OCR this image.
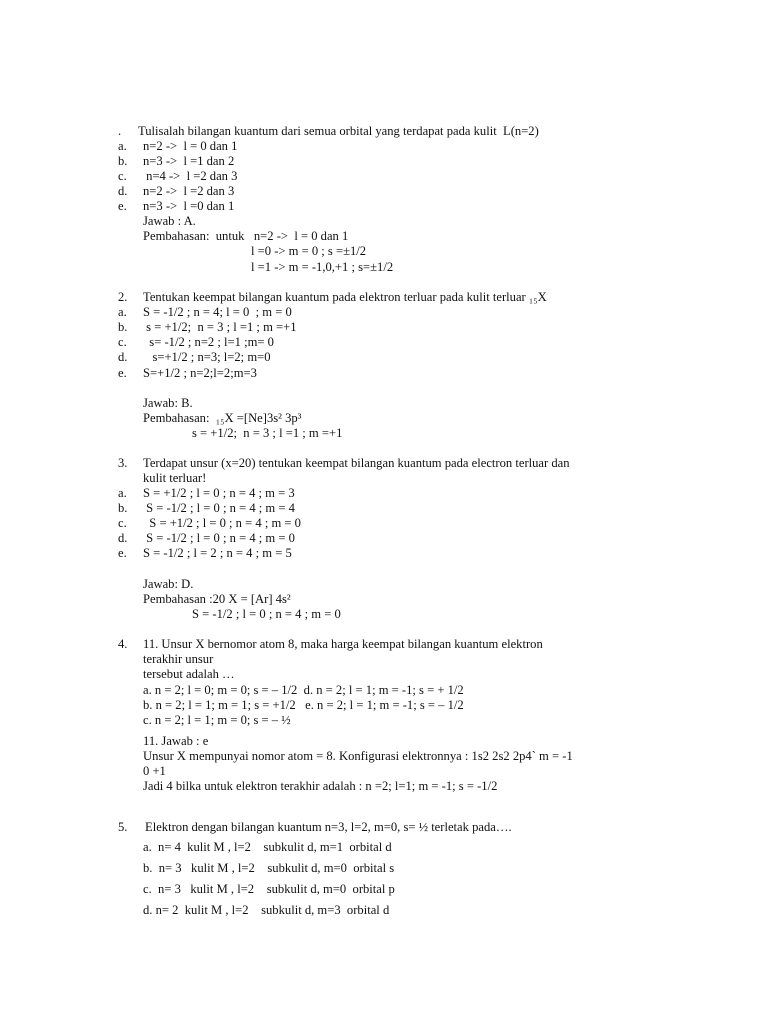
. Tulisalah bilangan kuantum dari semua orbital yang terdapat pada kulit  L(n=2)
a. n=2 ->  l = 0 dan 1
b. n=3 ->  l =1 dan 2
c. n=4 ->  l =2 dan 3
d. n=2 ->  l =2 dan 3
e. n=3 ->  l =0 dan 1
Jawab : A.
Pembahasan:  untuk   n=2 ->  l = 0 dan 1
l =0 -> m = 0 ; s =±1/2
l =1 -> m = -1,0,+1 ; s=±1/2
2. Tentukan keempat bilangan kuantum pada elektron terluar pada kulit terluar ₁₅X
a. S = -1/2 ; n = 4; l = 0  ; m = 0
b. s = +1/2;  n = 3 ; l =1 ; m =+1
c. s= -1/2 ; n=2 ; l=1 ;m= 0
d. s=+1/2 ; n=3; l=2; m=0
e. S=+1/2 ; n=2;l=2;m=3
Jawab: B.
Pembahasan:  ₁₅X =[Ne]3s² 3p³
s = +1/2;  n = 3 ; l =1 ; m =+1
3. Terdapat unsur (x=20) tentukan keempat bilangan kuantum pada electron terluar dan
kulit terluar!
a. S = +1/2 ; l = 0 ; n = 4 ; m = 3
b. S = -1/2 ; l = 0 ; n = 4 ; m = 4
c. S = +1/2 ; l = 0 ; n = 4 ; m = 0
d. S = -1/2 ; l = 0 ; n = 4 ; m = 0
e. S = -1/2 ; l = 2 ; n = 4 ; m = 5
Jawab: D.
Pembahasan :20 X = [Ar] 4s²
S = -1/2 ; l = 0 ; n = 4 ; m = 0
4. 11. Unsur X bernomor atom 8, maka harga keempat bilangan kuantum elektron
terakhir unsur
tersebut adalah …
a. n = 2; l = 0; m = 0; s = – 1/2  d. n = 2; l = 1; m = -1; s = + 1/2
b. n = 2; l = 1; m = 1; s = +1/2   e. n = 2; l = 1; m = -1; s = – 1/2
c. n = 2; l = 1; m = 0; s = – ½
11. Jawab : e
Unsur X mempunyai nomor atom = 8. Konfigurasi elektronnya : 1s2 2s2 2p4` m = -1
0 +1
Jadi 4 bilka untuk elektron terakhir adalah : n =2; l=1; m = -1; s = -1/2
5. Elektron dengan bilangan kuantum n=3, l=2, m=0, s= ½ terletak pada….
a.  n= 4  kulit M , l=2    subkulit d, m=1  orbital d
b.  n= 3   kulit M , l=2    subkulit d, m=0  orbital s
c.  n= 3   kulit M , l=2    subkulit d, m=0  orbital p
d. n= 2  kulit M , l=2    subkulit d, m=3  orbital d
